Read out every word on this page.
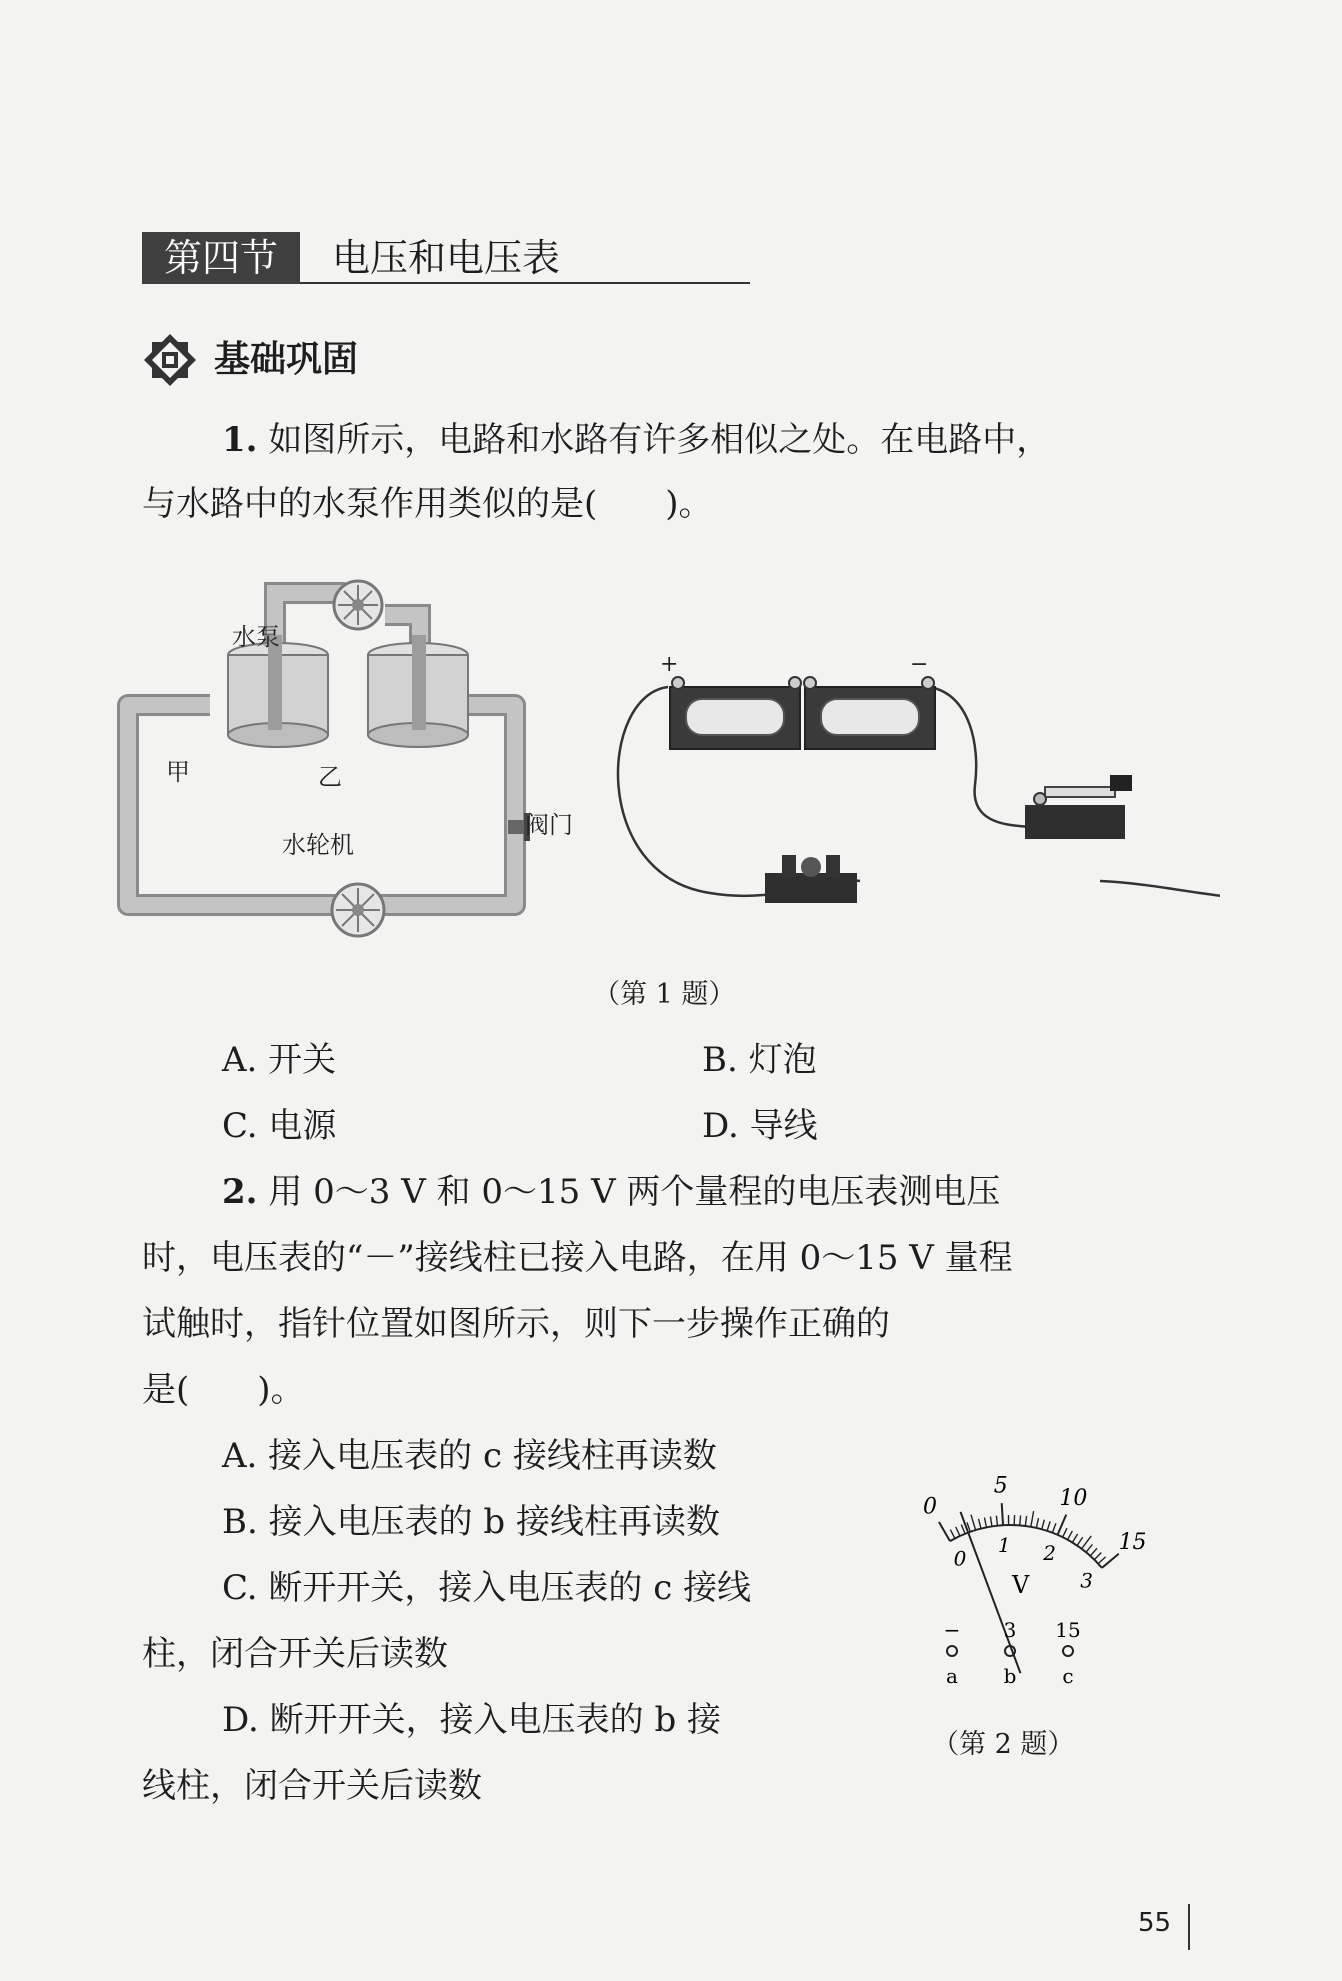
第四节	电压和电压表
基础巩固
1. 如图所示，电路和水路有许多相似之处。在电路中，
与水路中的水泵作用类似的是(　　)。
水泵
甲	乙
阀门
水轮机
+	−
（第 1 题）
A. 开关	B. 灯泡
C. 电源	D. 导线
2. 用 0～3 V 和 0～15 V 两个量程的电压表测电压
时，电压表的“－”接线柱已接入电路，在用 0～15 V 量程
试触时，指针位置如图所示，则下一步操作正确的
是(　　)。
A. 接入电压表的 c 接线柱再读数
B. 接入电压表的 b 接线柱再读数
C. 断开开关，接入电压表的 c 接线
柱，闭合开关后读数
D. 断开开关，接入电压表的 b 接
线柱，闭合开关后读数
0
5
10
15
0
1 2
3
V
− 3 15
a b c
（第 2 题）
55
